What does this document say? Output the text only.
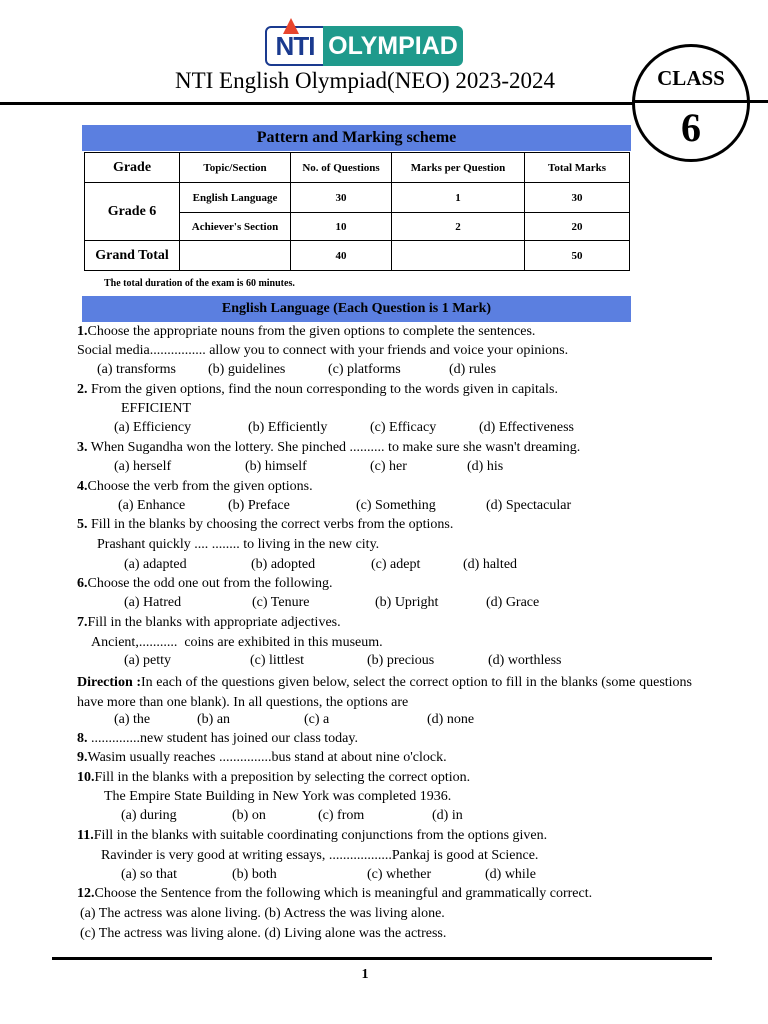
NTI OLYMPIAD
NTI English Olympiad(NEO) 2023-2024	CLASS
6
Pattern and Marking scheme
Grade	Topic/Section	No. of Questions	Marks per Question	Total Marks
Grade 6	English Language	30	1	30
	Achiever's Section	10	2	20
Grand Total		40		50
The total duration of the exam is 60 minutes.
English Language (Each Question is 1 Mark)
1.Choose the appropriate nouns from the given options to complete the sentences.
Social media................ allow you to connect with your friends and voice your opinions.
(a) transforms (b) guidelines	(c) platforms	(d) rules
2. From the given options, find the noun corresponding to the words given in capitals.
EFFICIENT
(a) Efficiency	(b) Efficiently	(c) Efficacy	(d) Effectiveness
3. When Sugandha won the lottery. She pinched .......... to make sure she wasn't dreaming.
(a) herself	(b) himself	(c) her	(d) his
4.Choose the verb from the given options.
(a) Enhance	(b) Preface	(c) Something	(d) Spectacular
5. Fill in the blanks by choosing the correct verbs from the options.
Prashant quickly .... ........ to living in the new city.
(a) adapted	(b) adopted	(c) adept	(d) halted
6.Choose the odd one out from the following.
(a) Hatred	(c) Tenure	(b) Upright	(d) Grace
7.Fill in the blanks with appropriate adjectives.
Ancient,...........  coins are exhibited in this museum.
(a) petty	(c) littlest	(b) precious	(d) worthless
Direction :In each of the questions given below, select the correct option to fill in the blanks (some questions have more than one blank). In all questions, the options are
(a) the	(b) an	(c) a	(d) none
8. ..............new student has joined our class today.
9.Wasim usually reaches ...............bus stand at about nine o'clock.
10.Fill in the blanks with a preposition by selecting the correct option.
The Empire State Building in New York was completed 1936.
(a) during	(b) on	(c) from	(d) in
11.Fill in the blanks with suitable coordinating conjunctions from the options given.
Ravinder is very good at writing essays, ..................Pankaj is good at Science.
(a) so that	(b) both	(c) whether	(d) while
12.Choose the Sentence from the following which is meaningful and grammatically correct.
(a) The actress was alone living. (b) Actress the was living alone.
(c) The actress was living alone. (d) Living alone was the actress.
1
